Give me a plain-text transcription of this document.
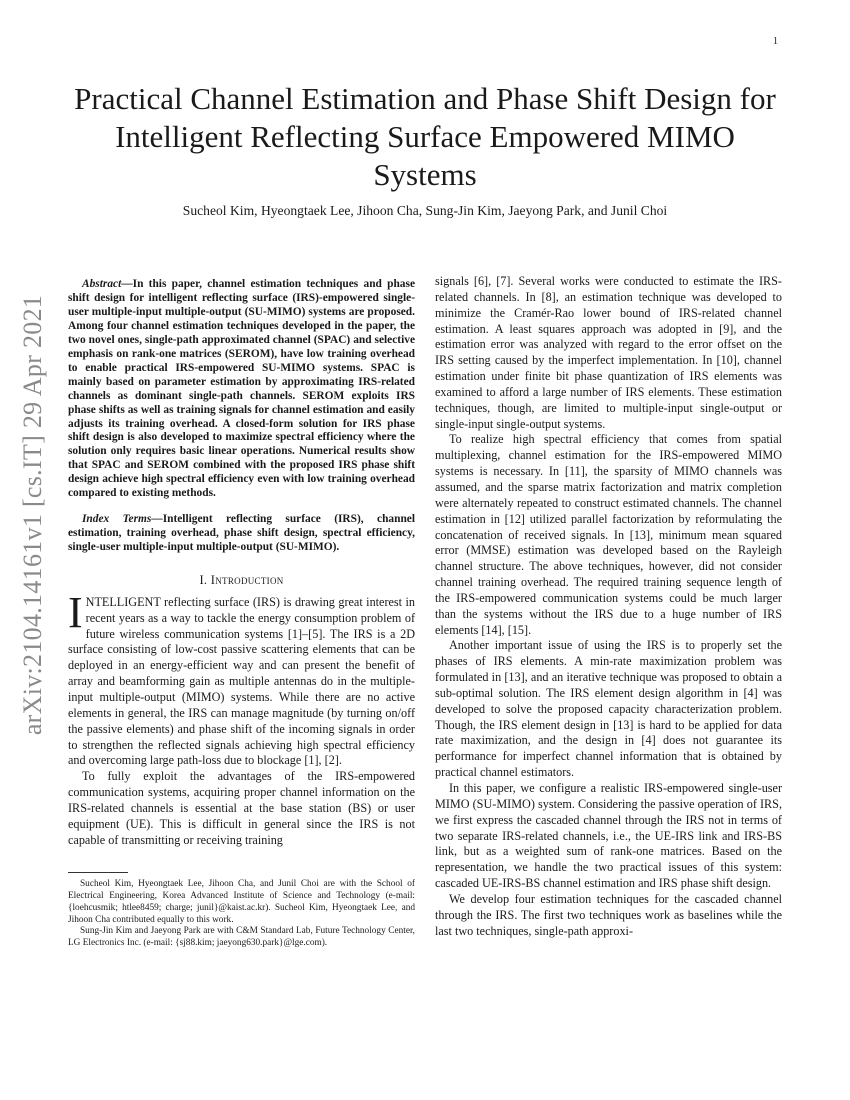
1
arXiv:2104.14161v1 [cs.IT] 29 Apr 2021
Practical Channel Estimation and Phase Shift Design for Intelligent Reflecting Surface Empowered MIMO Systems
Sucheol Kim, Hyeongtaek Lee, Jihoon Cha, Sung-Jin Kim, Jaeyong Park, and Junil Choi

Abstract—In this paper, channel estimation techniques and phase shift design for intelligent reflecting surface (IRS)-empowered single-user multiple-input multiple-output (SU-MIMO) systems are proposed. Among four channel estimation techniques developed in the paper, the two novel ones, single-path approximated channel (SPAC) and selective emphasis on rank-one matrices (SEROM), have low training overhead to enable practical IRS-empowered SU-MIMO systems. SPAC is mainly based on parameter estimation by approximating IRS-related channels as dominant single-path channels. SEROM exploits IRS phase shifts as well as training signals for channel estimation and easily adjusts its training overhead. A closed-form solution for IRS phase shift design is also developed to maximize spectral efficiency where the solution only requires basic linear operations. Numerical results show that SPAC and SEROM combined with the proposed IRS phase shift design achieve high spectral efficiency even with low training overhead compared to existing methods.

Index Terms—Intelligent reflecting surface (IRS), channel estimation, training overhead, phase shift design, spectral efficiency, single-user multiple-input multiple-output (SU-MIMO).

I. Introduction

INTELLIGENT reflecting surface (IRS) is drawing great interest in recent years as a way to tackle the energy consumption problem of future wireless communication systems [1]–[5]. The IRS is a 2D surface consisting of low-cost passive scattering elements that can be deployed in an energy-efficient way and can present the benefit of array and beamforming gain as multiple antennas do in the multiple-input multiple-output (MIMO) systems. While there are no active elements in general, the IRS can manage magnitude (by turning on/off the passive elements) and phase shift of the incoming signals in order to strengthen the reflected signals achieving high spectral efficiency and overcoming large path-loss due to blockage [1], [2].

To fully exploit the advantages of the IRS-empowered communication systems, acquiring proper channel information on the IRS-related channels is essential at the base station (BS) or user equipment (UE). This is difficult in general since the IRS is not capable of transmitting or receiving training

Sucheol Kim, Hyeongtaek Lee, Jihoon Cha, and Junil Choi are with the School of Electrical Engineering, Korea Advanced Institute of Science and Technology (e-mail: {loehcusmik; htlee8459; charge; junil}@kaist.ac.kr). Sucheol Kim, Hyeongtaek Lee, and Jihoon Cha contributed equally to this work.

Sung-Jin Kim and Jaeyong Park are with C&M Standard Lab, Future Technology Center, LG Electronics Inc. (e-mail: {sj88.kim; jaeyong630.park}@lge.com).

signals [6], [7]. Several works were conducted to estimate the IRS-related channels. In [8], an estimation technique was developed to minimize the Cramér-Rao lower bound of IRS-related channel estimation. A least squares approach was adopted in [9], and the estimation error was analyzed with regard to the error offset on the IRS setting caused by the imperfect implementation. In [10], channel estimation under finite bit phase quantization of IRS elements was examined to afford a large number of IRS elements. These estimation techniques, though, are limited to multiple-input single-output or single-input single-output systems.

To realize high spectral efficiency that comes from spatial multiplexing, channel estimation for the IRS-empowered MIMO systems is necessary. In [11], the sparsity of MIMO channels was assumed, and the sparse matrix factorization and matrix completion were alternately repeated to construct estimated channels. The channel estimation in [12] utilized parallel factorization by reformulating the concatenation of received signals. In [13], minimum mean squared error (MMSE) estimation was developed based on the Rayleigh channel structure. The above techniques, however, did not consider channel training overhead. The required training sequence length of the IRS-empowered communication systems could be much larger than the systems without the IRS due to a huge number of IRS elements [14], [15].

Another important issue of using the IRS is to properly set the phases of IRS elements. A min-rate maximization problem was formulated in [13], and an iterative technique was proposed to obtain a sub-optimal solution. The IRS element design algorithm in [4] was developed to solve the proposed capacity characterization problem. Though, the IRS element design in [13] is hard to be applied for data rate maximization, and the design in [4] does not guarantee its performance for imperfect channel information that is obtained by practical channel estimators.

In this paper, we configure a realistic IRS-empowered single-user MIMO (SU-MIMO) system. Considering the passive operation of IRS, we first express the cascaded channel through the IRS not in terms of two separate IRS-related channels, i.e., the UE-IRS link and IRS-BS link, but as a weighted sum of rank-one matrices. Based on the representation, we handle the two practical issues of this system: cascaded UE-IRS-BS channel estimation and IRS phase shift design.

We develop four estimation techniques for the cascaded channel through the IRS. The first two techniques work as baselines while the last two techniques, single-path approxi-
